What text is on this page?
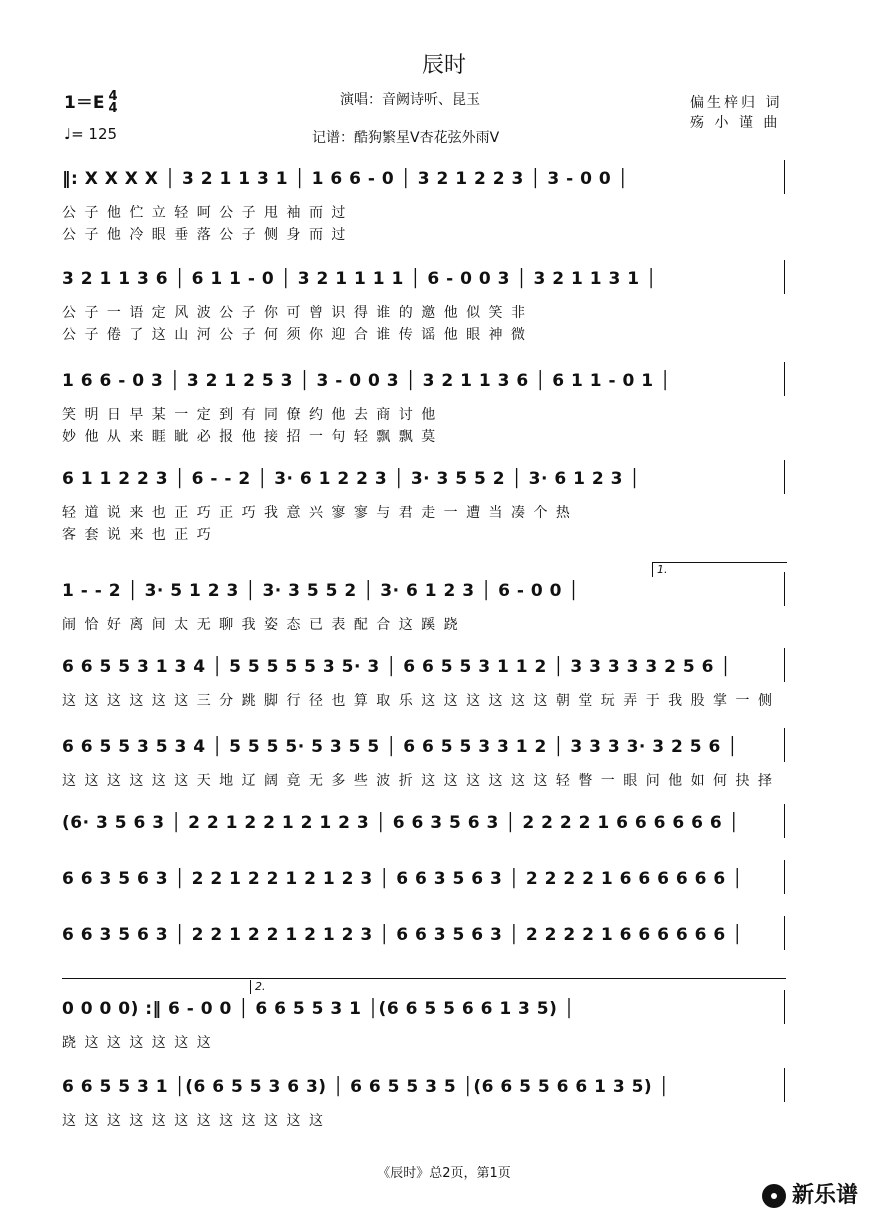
辰时
1＝E 4
4
♩= 125
演唱：音阙诗听、昆玉
记谱：酷狗繁星V杏花弦外雨V
偏生梓归 词
殇 小 谨 曲
‖: X X X X │ 3 2 1 1 3 1 │ 1 6 6 - 0 │ 3 2 1 2 2 3 │ 3 - 0 0 │
公 子 他 伫 立 轻 呵 公 子 甩 袖 而 过
公 子 他 冷 眼 垂 落 公 子 侧 身 而 过
3 2 1 1 3 6 │ 6 1 1 - 0 │ 3 2 1 1 1 1 │ 6 - 0 0 3 │ 3 2 1 1 3 1 │
公 子 一 语 定 风 波 公 子 你 可 曾 识 得 谁 的 邀 他 似 笑 非
公 子 倦 了 这 山 河 公 子 何 须 你 迎 合 谁 传 谣 他 眼 神 微
1 6 6 - 0 3 │ 3 2 1 2 5 3 │ 3 - 0 0 3 │ 3 2 1 1 3 6 │ 6 1 1 - 0 1 │
笑 明 日 早 某 一 定 到 有 同 僚 约 他 去 商 讨 他
妙 他 从 来 睚 眦 必 报 他 接 招 一 句 轻 飘 飘 莫
6 1 1 2 2 3 │ 6 - - 2 │ 3· 6 1 2 2 3 │ 3· 3 5 5 2 │ 3· 6 1 2 3 │
轻 道 说 来 也 正 巧 正 巧 我 意 兴 寥 寥 与 君 走 一 遭 当 凑 个 热
客 套 说 来 也 正 巧
1.
1 - - 2 │ 3· 5 1 2 3 │ 3· 3 5 5 2 │ 3· 6 1 2 3 │ 6 - 0 0 │
闹 恰 好 离 间 太 无 聊 我 姿 态 已 表 配 合 这 蹊 跷
6 6 5 5 3 1 3 4 │ 5 5 5 5 5 3 5· 3 │ 6 6 5 5 3 1 1 2 │ 3 3 3 3 3 2 5 6 │
这 这 这 这 这 这 三 分 跳 脚 行 径 也 算 取 乐 这 这 这 这 这 这 朝 堂 玩 弄 于 我 股 掌 一 侧
6 6 5 5 3 5 3 4 │ 5 5 5 5· 5 3 5 5 │ 6 6 5 5 3 3 1 2 │ 3 3 3 3· 3 2 5 6 │
这 这 这 这 这 这 天 地 辽 阔 竟 无 多 些 波 折 这 这 这 这 这 这 轻 瞥 一 眼 问 他 如 何 抉 择
(6· 3 5 6 3 │ 2 2 1 2 2 1 2 1 2 3 │ 6 6 3 5 6 3 │ 2 2 2 2 1 6 6 6 6 6 6 │
6 6 3 5 6 3 │ 2 2 1 2 2 1 2 1 2 3 │ 6 6 3 5 6 3 │ 2 2 2 2 1 6 6 6 6 6 6 │
6 6 3 5 6 3 │ 2 2 1 2 2 1 2 1 2 3 │ 6 6 3 5 6 3 │ 2 2 2 2 1 6 6 6 6 6 6 │
2.
0 0 0 0) :‖ 6 - 0 0 │ 6 6 5 5 3 1 │(6 6 5 5 6 6 1 3 5) │
跷 这 这 这 这 这 这
6 6 5 5 3 1 │(6 6 5 5 3 6 3) │ 6 6 5 5 3 5 │(6 6 5 5 6 6 1 3 5) │
这 这 这 这 这 这 这 这 这 这 这 这
《辰时》总2页，第1页
新乐谱
